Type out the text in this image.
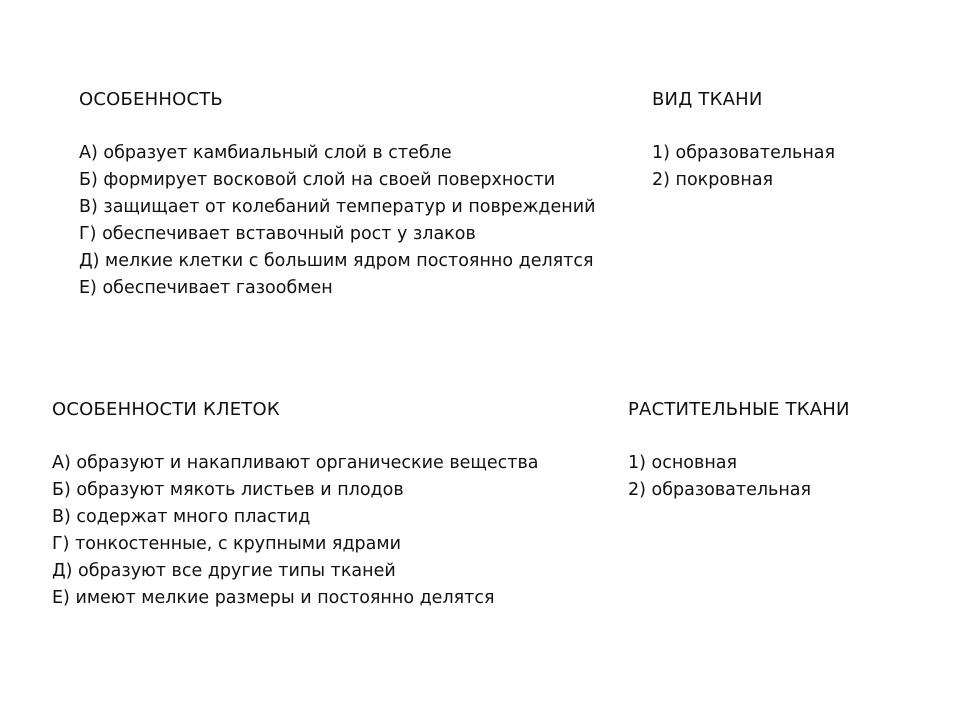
ОСОБЕННОСТЬ
А) образует камбиальный слой в стебле
Б) формирует восковой слой на своей поверхности
В) защищает от колебаний температур и повреждений
Г) обеспечивает вставочный рост у злаков
Д) мелкие клетки с большим ядром постоянно делятся
Е) обеспечивает газообмен
ВИД ТКАНИ
1) образовательная
2) покровная
ОСОБЕННОСТИ КЛЕТОК
А) образуют и накапливают органические вещества
Б) образуют мякоть листьев и плодов
В) содержат много пластид
Г) тонкостенные, с крупными ядрами
Д) образуют все другие типы тканей
Е) имеют мелкие размеры и постоянно делятся
РАСТИТЕЛЬНЫЕ ТКАНИ
1) основная
2) образовательная
